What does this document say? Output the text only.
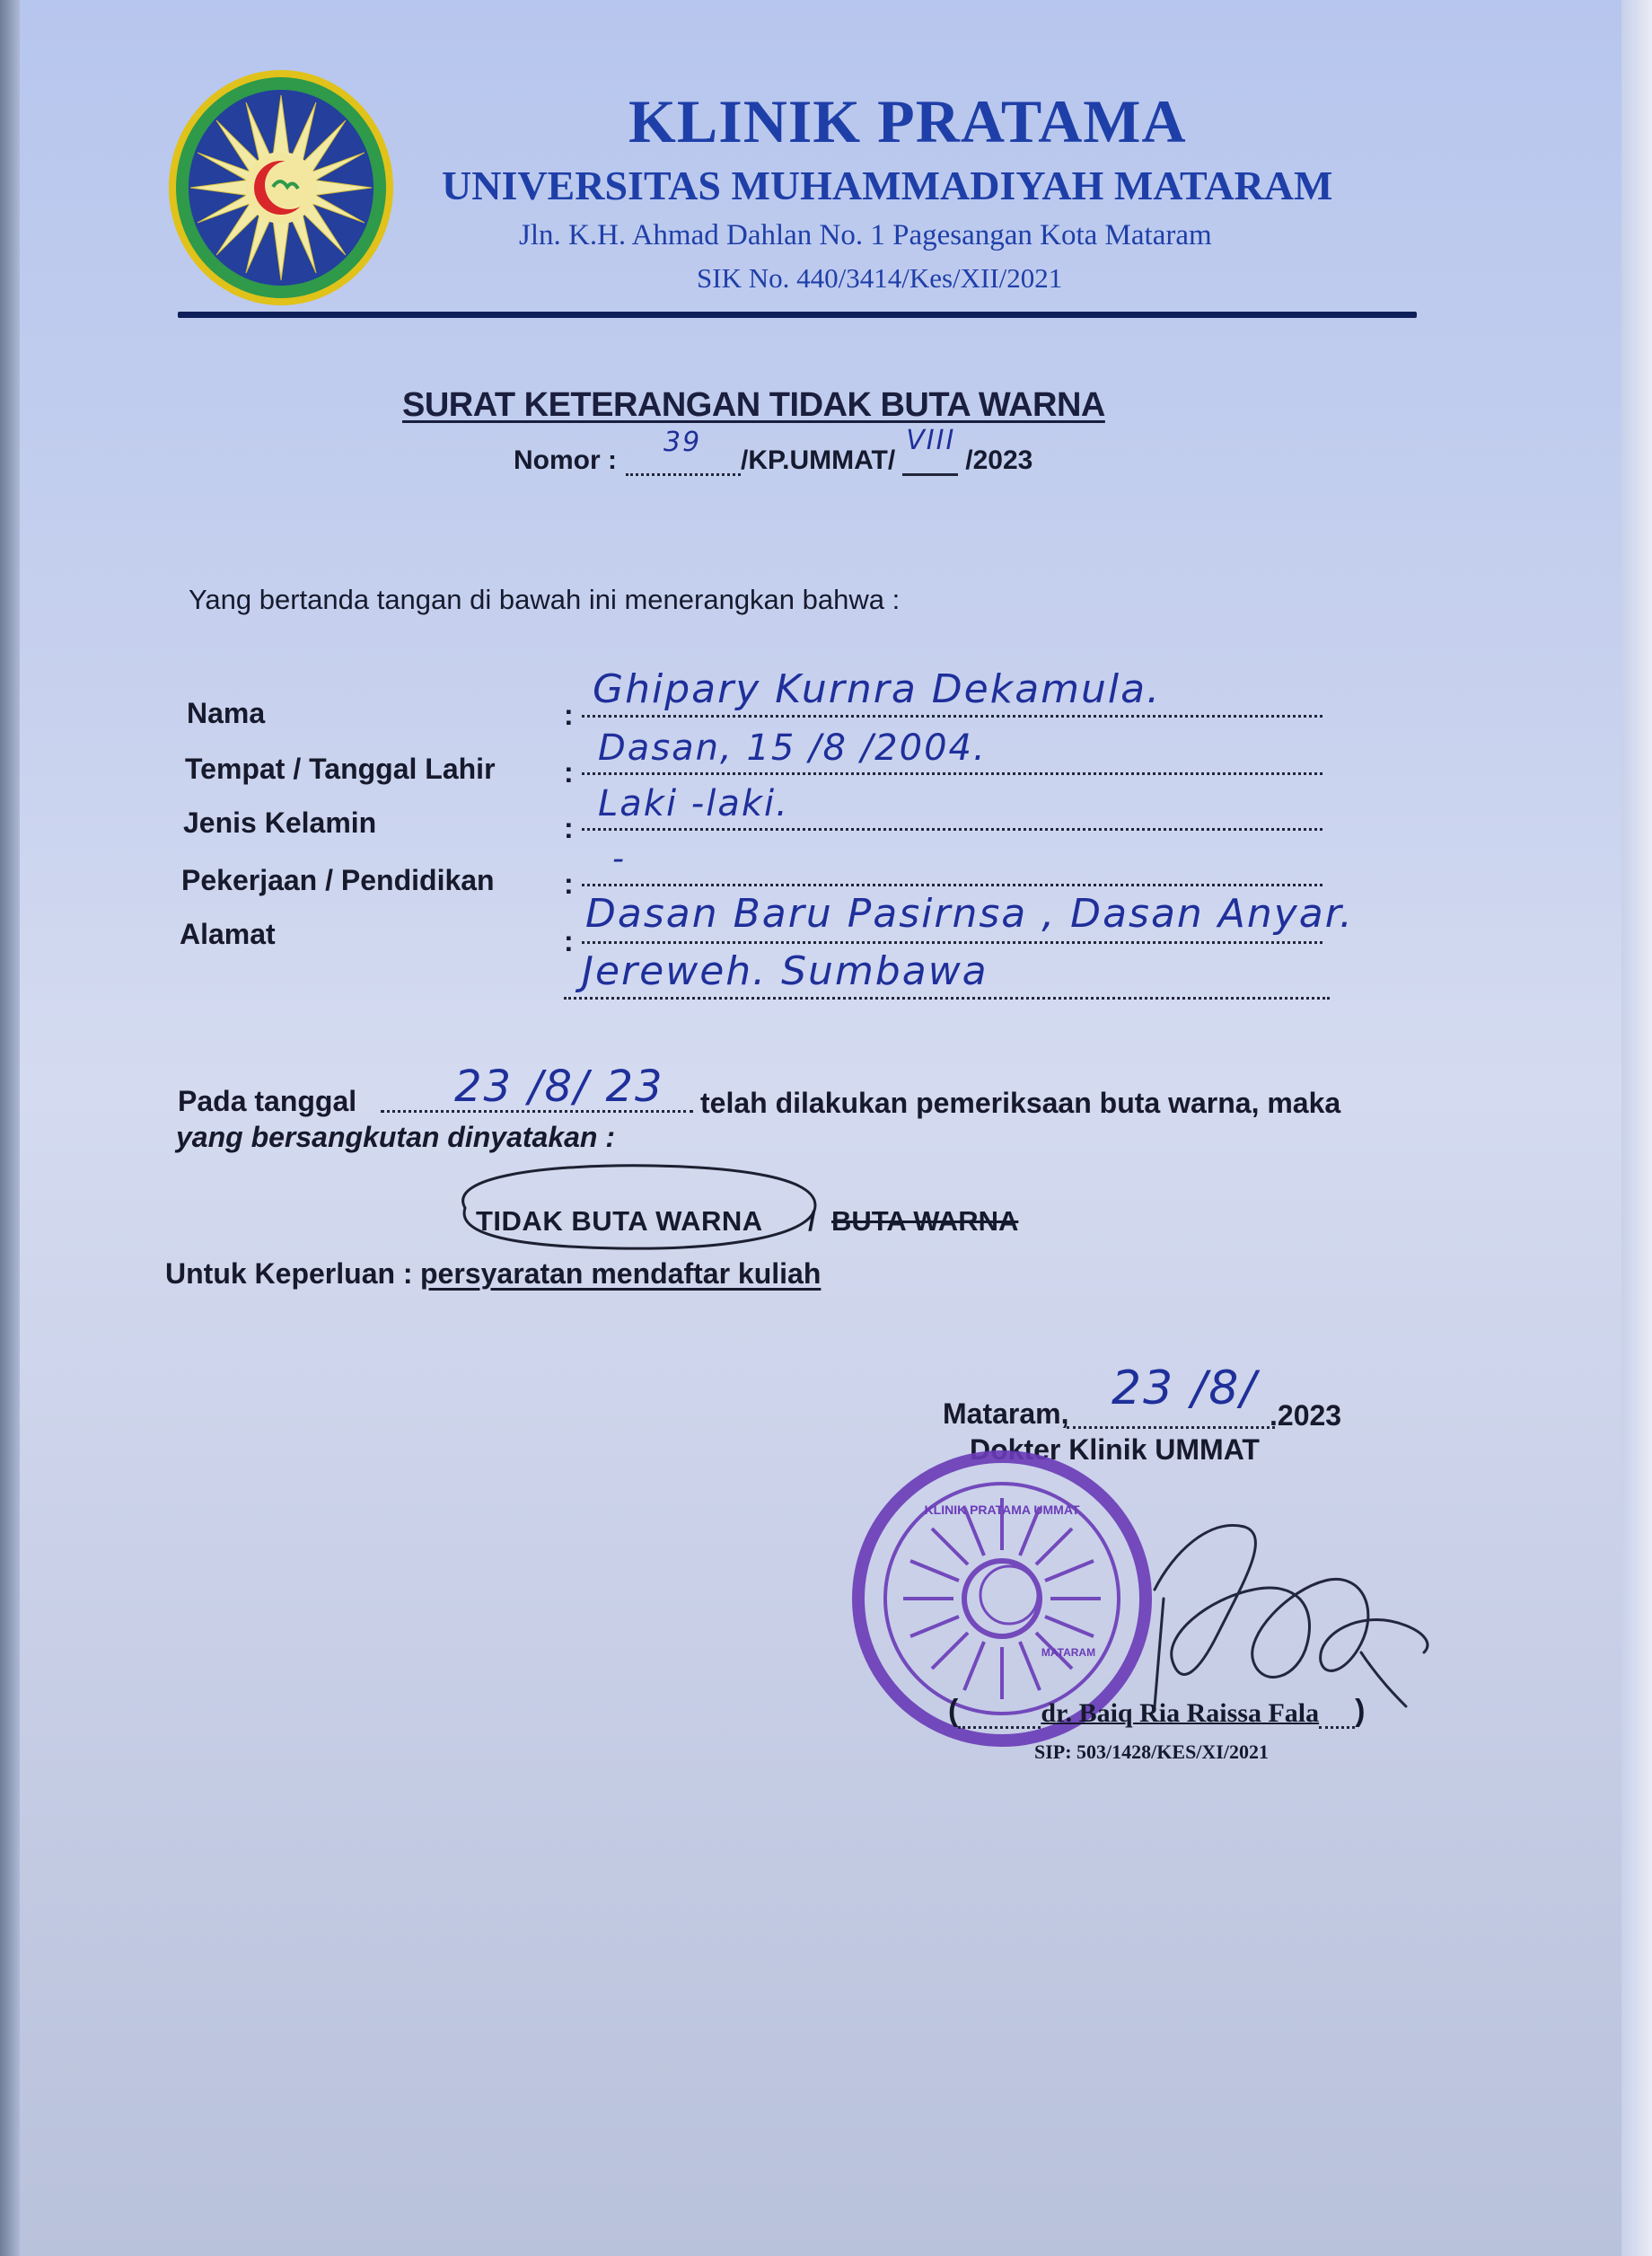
KLINIK PRATAMA
UNIVERSITAS MUHAMMADIYAH MATARAM
Jln. K.H. Ahmad Dahlan No. 1 Pagesangan Kota Mataram
SIK No. 440/3414/Kes/XII/2021
SURAT KETERANGAN TIDAK BUTA WARNA
Nomor :
39
/KP.UMMAT/
VIII
/2023
Yang bertanda tangan di bawah ini menerangkan bahwa :
Nama	:
Ghipary Kurnra Dekamula.
Tempat / Tanggal Lahir :
Dasan, 15 /8 /2004.
Jenis Kelamin	:
Laki -laki.
Pekerjaan / Pendidikan :
-
Alamat	:
Dasan Baru Pasirnsa , Dasan Anyar.
Jereweh. Sumbawa
Pada tanggal 23 /8/ 23 telah dilakukan pemeriksaan buta warna, maka
yang bersangkutan dinyatakan :
TIDAK BUTA WARNA / BUTA WARNA
Untuk Keperluan : persyaratan mendaftar kuliah
Mataram, 23 /8/ .2023
Dokter Klinik UMMAT
KLINIK PRATAMA UMMAT
MATARAM
(	dr. Baiq Ria Raissa Fala )
SIP: 503/1428/KES/XI/2021
